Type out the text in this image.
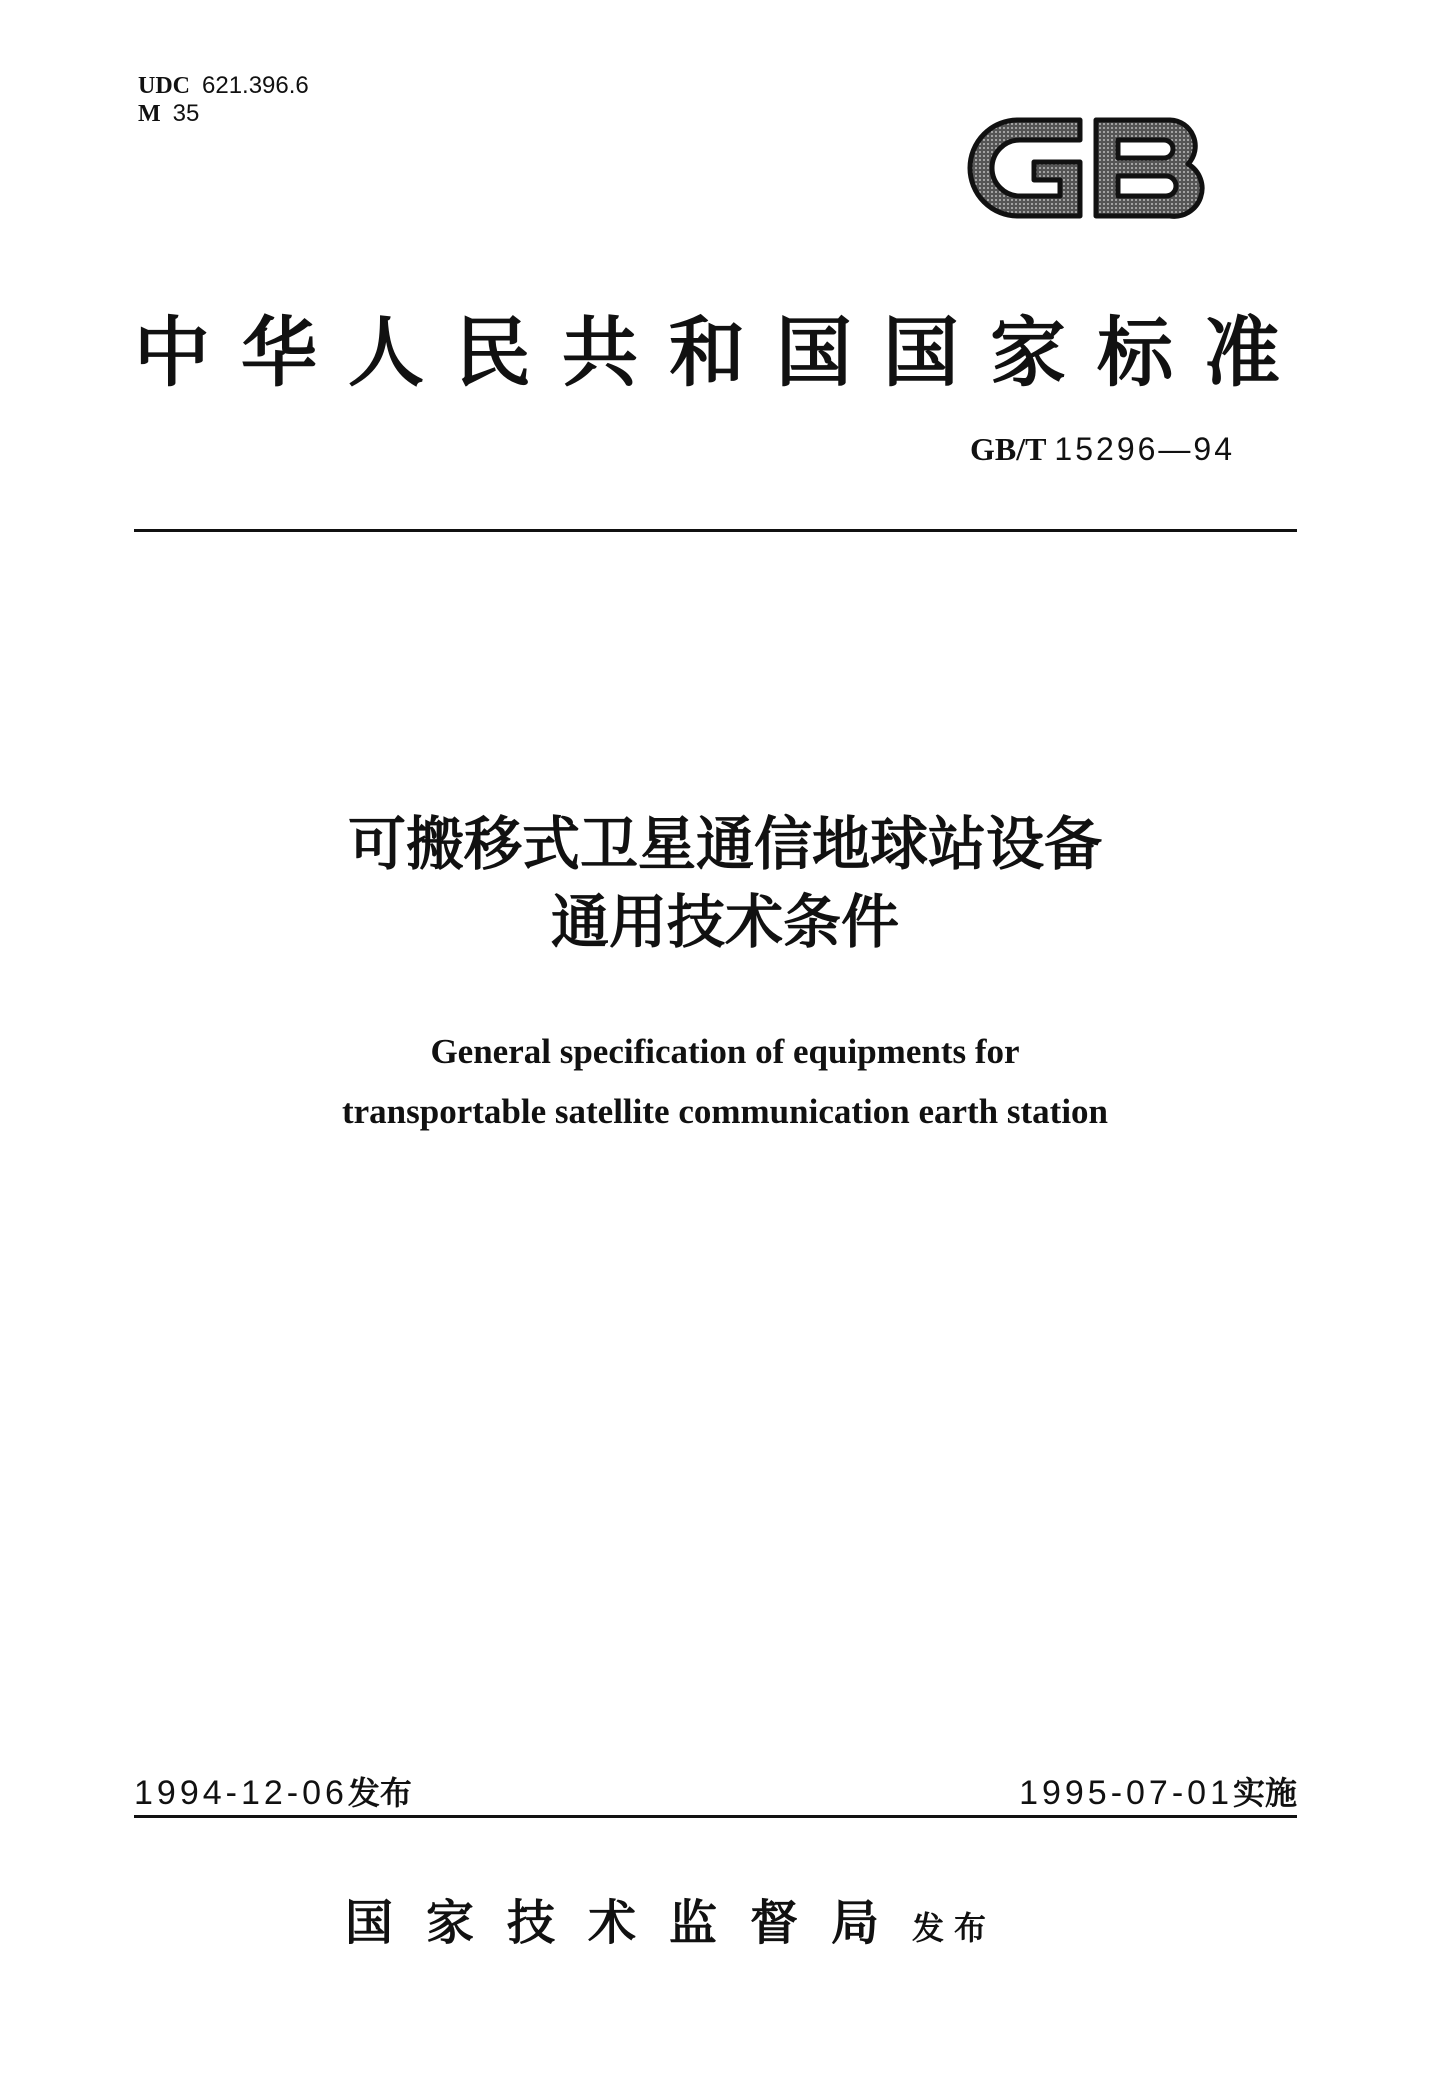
UDC 621.396.6
M 35
中华人民共和国国家标准
GB/T 15296—94
可搬移式卫星通信地球站设备
通用技术条件
General specification of equipments for
transportable satellite communication earth station
1994-12-06发布	1995-07-01实施
国家技术监督局发布
